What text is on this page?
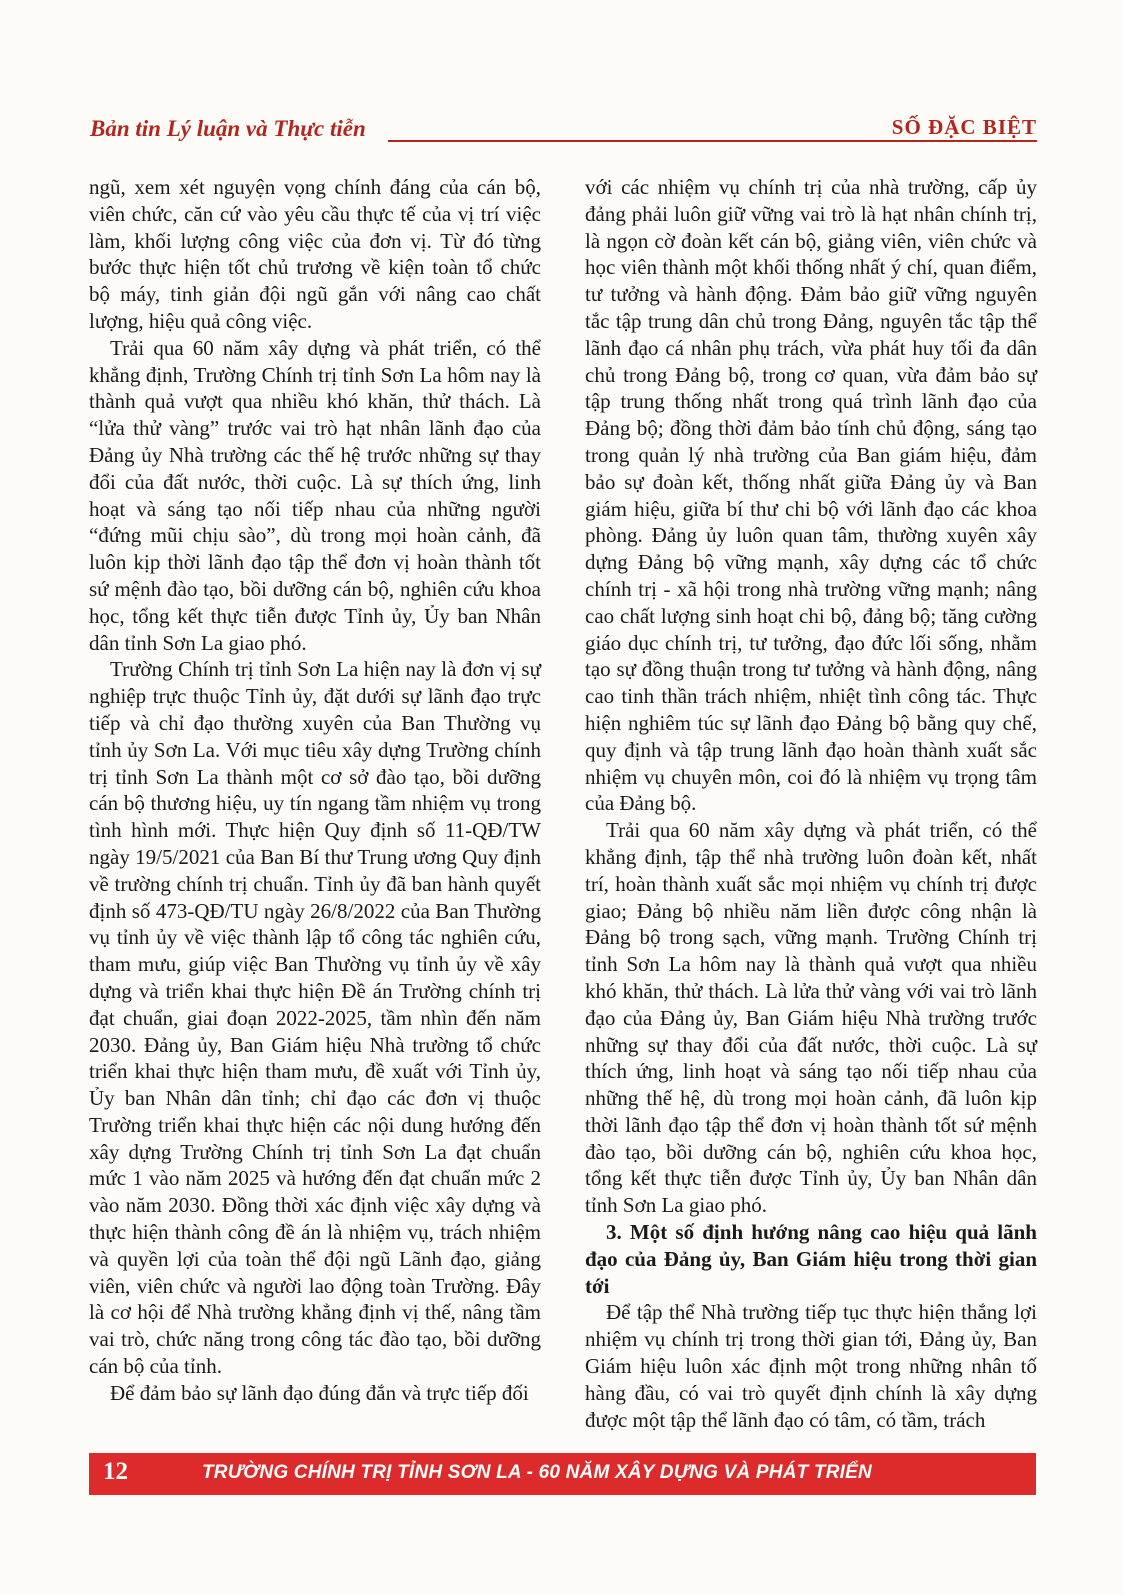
Bản tin Lý luận và Thực tiễn	SỐ ĐẶC BIỆT

ngũ, xem xét nguyện vọng chính đáng của cán bộ, viên chức, căn cứ vào yêu cầu thực tế của vị trí việc làm, khối lượng công việc của đơn vị. Từ đó từng bước thực hiện tốt chủ trương về kiện toàn tổ chức bộ máy, tinh giản đội ngũ gắn với nâng cao chất lượng, hiệu quả công việc.

Trải qua 60 năm xây dựng và phát triển, có thể khẳng định, Trường Chính trị tỉnh Sơn La hôm nay là thành quả vượt qua nhiều khó khăn, thử thách. Là “lửa thử vàng” trước vai trò hạt nhân lãnh đạo của Đảng ủy Nhà trường các thế hệ trước những sự thay đổi của đất nước, thời cuộc. Là sự thích ứng, linh hoạt và sáng tạo nối tiếp nhau của những người “đứng mũi chịu sào”, dù trong mọi hoàn cảnh, đã luôn kịp thời lãnh đạo tập thể đơn vị hoàn thành tốt sứ mệnh đào tạo, bồi dưỡng cán bộ, nghiên cứu khoa học, tổng kết thực tiễn được Tỉnh ủy, Ủy ban Nhân dân tỉnh Sơn La giao phó.

Trường Chính trị tỉnh Sơn La hiện nay là đơn vị sự nghiệp trực thuộc Tỉnh ủy, đặt dưới sự lãnh đạo trực tiếp và chỉ đạo thường xuyên của Ban Thường vụ tỉnh ủy Sơn La. Với mục tiêu xây dựng Trường chính trị tỉnh Sơn La thành một cơ sở đào tạo, bồi dưỡng cán bộ thương hiệu, uy tín ngang tầm nhiệm vụ trong tình hình mới. Thực hiện Quy định số 11-QĐ/TW ngày 19/5/2021 của Ban Bí thư Trung ương Quy định về trường chính trị chuẩn. Tỉnh ủy đã ban hành quyết định số 473-QĐ/TU ngày 26/8/2022 của Ban Thường vụ tỉnh ủy về việc thành lập tổ công tác nghiên cứu, tham mưu, giúp việc Ban Thường vụ tỉnh ủy về xây dựng và triển khai thực hiện Đề án Trường chính trị đạt chuẩn, giai đoạn 2022-2025, tầm nhìn đến năm 2030. Đảng ủy, Ban Giám hiệu Nhà trường tổ chức triển khai thực hiện tham mưu, đề xuất với Tỉnh ủy, Ủy ban Nhân dân tỉnh; chỉ đạo các đơn vị thuộc Trường triển khai thực hiện các nội dung hướng đến xây dựng Trường Chính trị tỉnh Sơn La đạt chuẩn mức 1 vào năm 2025 và hướng đến đạt chuẩn mức 2 vào năm 2030. Đồng thời xác định việc xây dựng và thực hiện thành công đề án là nhiệm vụ, trách nhiệm và quyền lợi của toàn thể đội ngũ Lãnh đạo, giảng viên, viên chức và người lao động toàn Trường. Đây là cơ hội để Nhà trường khẳng định vị thế, nâng tầm vai trò, chức năng trong công tác đào tạo, bồi dưỡng cán bộ của tỉnh.

Để đảm bảo sự lãnh đạo đúng đắn và trực tiếp đối

với các nhiệm vụ chính trị của nhà trường, cấp ủy đảng phải luôn giữ vững vai trò là hạt nhân chính trị, là ngọn cờ đoàn kết cán bộ, giảng viên, viên chức và học viên thành một khối thống nhất ý chí, quan điểm, tư tưởng và hành động. Đảm bảo giữ vững nguyên tắc tập trung dân chủ trong Đảng, nguyên tắc tập thể lãnh đạo cá nhân phụ trách, vừa phát huy tối đa dân chủ trong Đảng bộ, trong cơ quan, vừa đảm bảo sự tập trung thống nhất trong quá trình lãnh đạo của Đảng bộ; đồng thời đảm bảo tính chủ động, sáng tạo trong quản lý nhà trường của Ban giám hiệu, đảm bảo sự đoàn kết, thống nhất giữa Đảng ủy và Ban giám hiệu, giữa bí thư chi bộ với lãnh đạo các khoa phòng. Đảng ủy luôn quan tâm, thường xuyên xây dựng Đảng bộ vững mạnh, xây dựng các tổ chức chính trị - xã hội trong nhà trường vững mạnh; nâng cao chất lượng sinh hoạt chi bộ, đảng bộ; tăng cường giáo dục chính trị, tư tưởng, đạo đức lối sống, nhằm tạo sự đồng thuận trong tư tưởng và hành động, nâng cao tinh thần trách nhiệm, nhiệt tình công tác. Thực hiện nghiêm túc sự lãnh đạo Đảng bộ bằng quy chế, quy định và tập trung lãnh đạo hoàn thành xuất sắc nhiệm vụ chuyên môn, coi đó là nhiệm vụ trọng tâm của Đảng bộ.

Trải qua 60 năm xây dựng và phát triển, có thể khẳng định, tập thể nhà trường luôn đoàn kết, nhất trí, hoàn thành xuất sắc mọi nhiệm vụ chính trị được giao; Đảng bộ nhiều năm liền được công nhận là Đảng bộ trong sạch, vững mạnh. Trường Chính trị tỉnh Sơn La hôm nay là thành quả vượt qua nhiều khó khăn, thử thách. Là lửa thử vàng với vai trò lãnh đạo của Đảng ủy, Ban Giám hiệu Nhà trường trước những sự thay đổi của đất nước, thời cuộc. Là sự thích ứng, linh hoạt và sáng tạo nối tiếp nhau của những thế hệ, dù trong mọi hoàn cảnh, đã luôn kịp thời lãnh đạo tập thể đơn vị hoàn thành tốt sứ mệnh đào tạo, bồi dưỡng cán bộ, nghiên cứu khoa học, tổng kết thực tiễn được Tỉnh ủy, Ủy ban Nhân dân tỉnh Sơn La giao phó.

3. Một số định hướng nâng cao hiệu quả lãnh đạo của Đảng ủy, Ban Giám hiệu trong thời gian tới

Để tập thể Nhà trường tiếp tục thực hiện thắng lợi nhiệm vụ chính trị trong thời gian tới, Đảng ủy, Ban Giám hiệu luôn xác định một trong những nhân tố hàng đầu, có vai trò quyết định chính là xây dựng được một tập thể lãnh đạo có tâm, có tầm, trách

12	TRƯỜNG CHÍNH TRỊ TỈNH SƠN LA - 60 NĂM XÂY DỰNG VÀ PHÁT TRIỂN
